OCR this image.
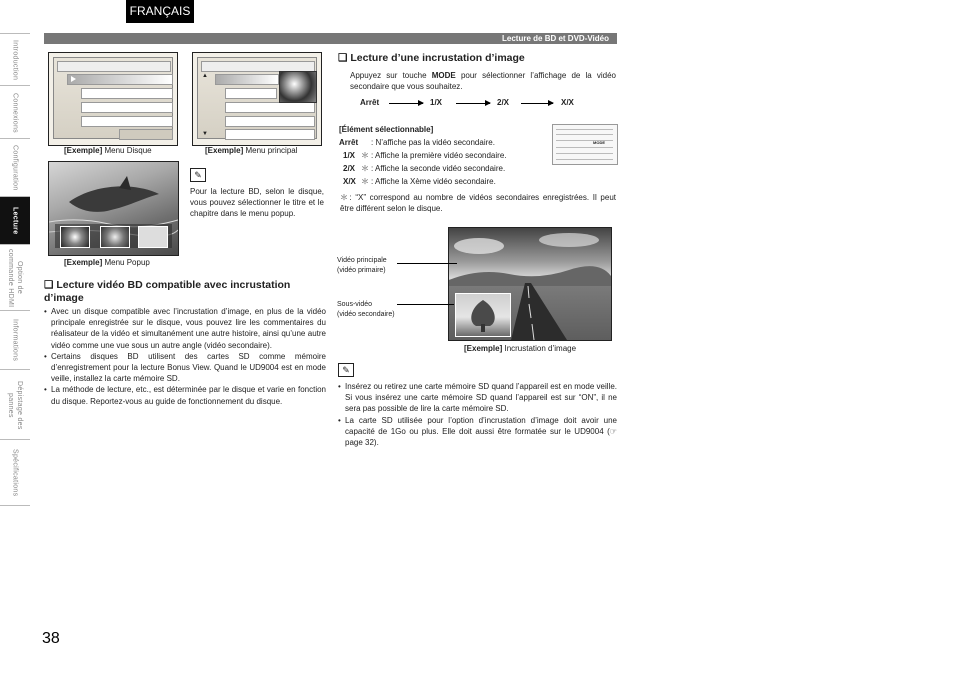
FRANÇAIS
Introduction
Connexions
Configuration
Lecture
Option de commande HDMI
Informations
Dépistage des pannes
Spécifications
Lecture de BD et DVD-Vidéo
[Exemple] Menu Disque
▲
▼
[Exemple] Menu principal
[Exemple] Menu Popup
✎
Pour la lecture BD, selon le disque, vous pouvez sélectionner le titre et le chapitre dans le menu popup.
❑ Lecture vidéo BD compatible avec incrustation d’image
• Avec un disque compatible avec l’incrustation d’image, en plus de la vidéo principale enregistrée sur le disque, vous pouvez lire les commentaires du réalisateur de la vidéo et simultanément une autre histoire, ainsi qu’une autre vidéo comme une vue sous un autre angle (vidéo secondaire).
• Certains disques BD utilisent des cartes SD comme mémoire d’enregistrement pour la lecture Bonus View. Quand le UD9004 est en mode veille, installez la carte mémoire SD.
• La méthode de lecture, etc., est déterminée par le disque et varie en fonction du disque. Reportez-vous au guide de fonctionnement du disque.
❑ Lecture d’une incrustation d’image
Appuyez sur touche MODE pour sélectionner l’affichage de la vidéo secondaire que vous souhaitez.
Arrêt	1/X	2/X	X/X
[Élément sélectionnable]
Arrêt : N’affiche pas la vidéo secondaire.
1/X ＊ : Affiche la première vidéo secondaire.
2/X ＊ : Affiche la seconde vidéo secondaire.
X/X ＊ : Affiche la Xème vidéo secondaire.
MODE
＊: “X” correspond au nombre de vidéos secondaires enregistrées. Il peut être différent selon le disque.
Vidéo principale
(vidéo primaire)
Sous-vidéo
(vidéo secondaire)
[Exemple] Incrustation d’image
✎
• Insérez ou retirez une carte mémoire SD quand l’appareil est en mode veille. Si vous insérez une carte mémoire SD quand l’appareil est sur “ON”, il ne sera pas possible de lire la carte mémoire SD.
• La carte SD utilisée pour l’option d’incrustation d’image doit avoir une capacité de 1Go ou plus. Elle doit aussi être formatée sur le UD9004 (☞ page 32).
38
